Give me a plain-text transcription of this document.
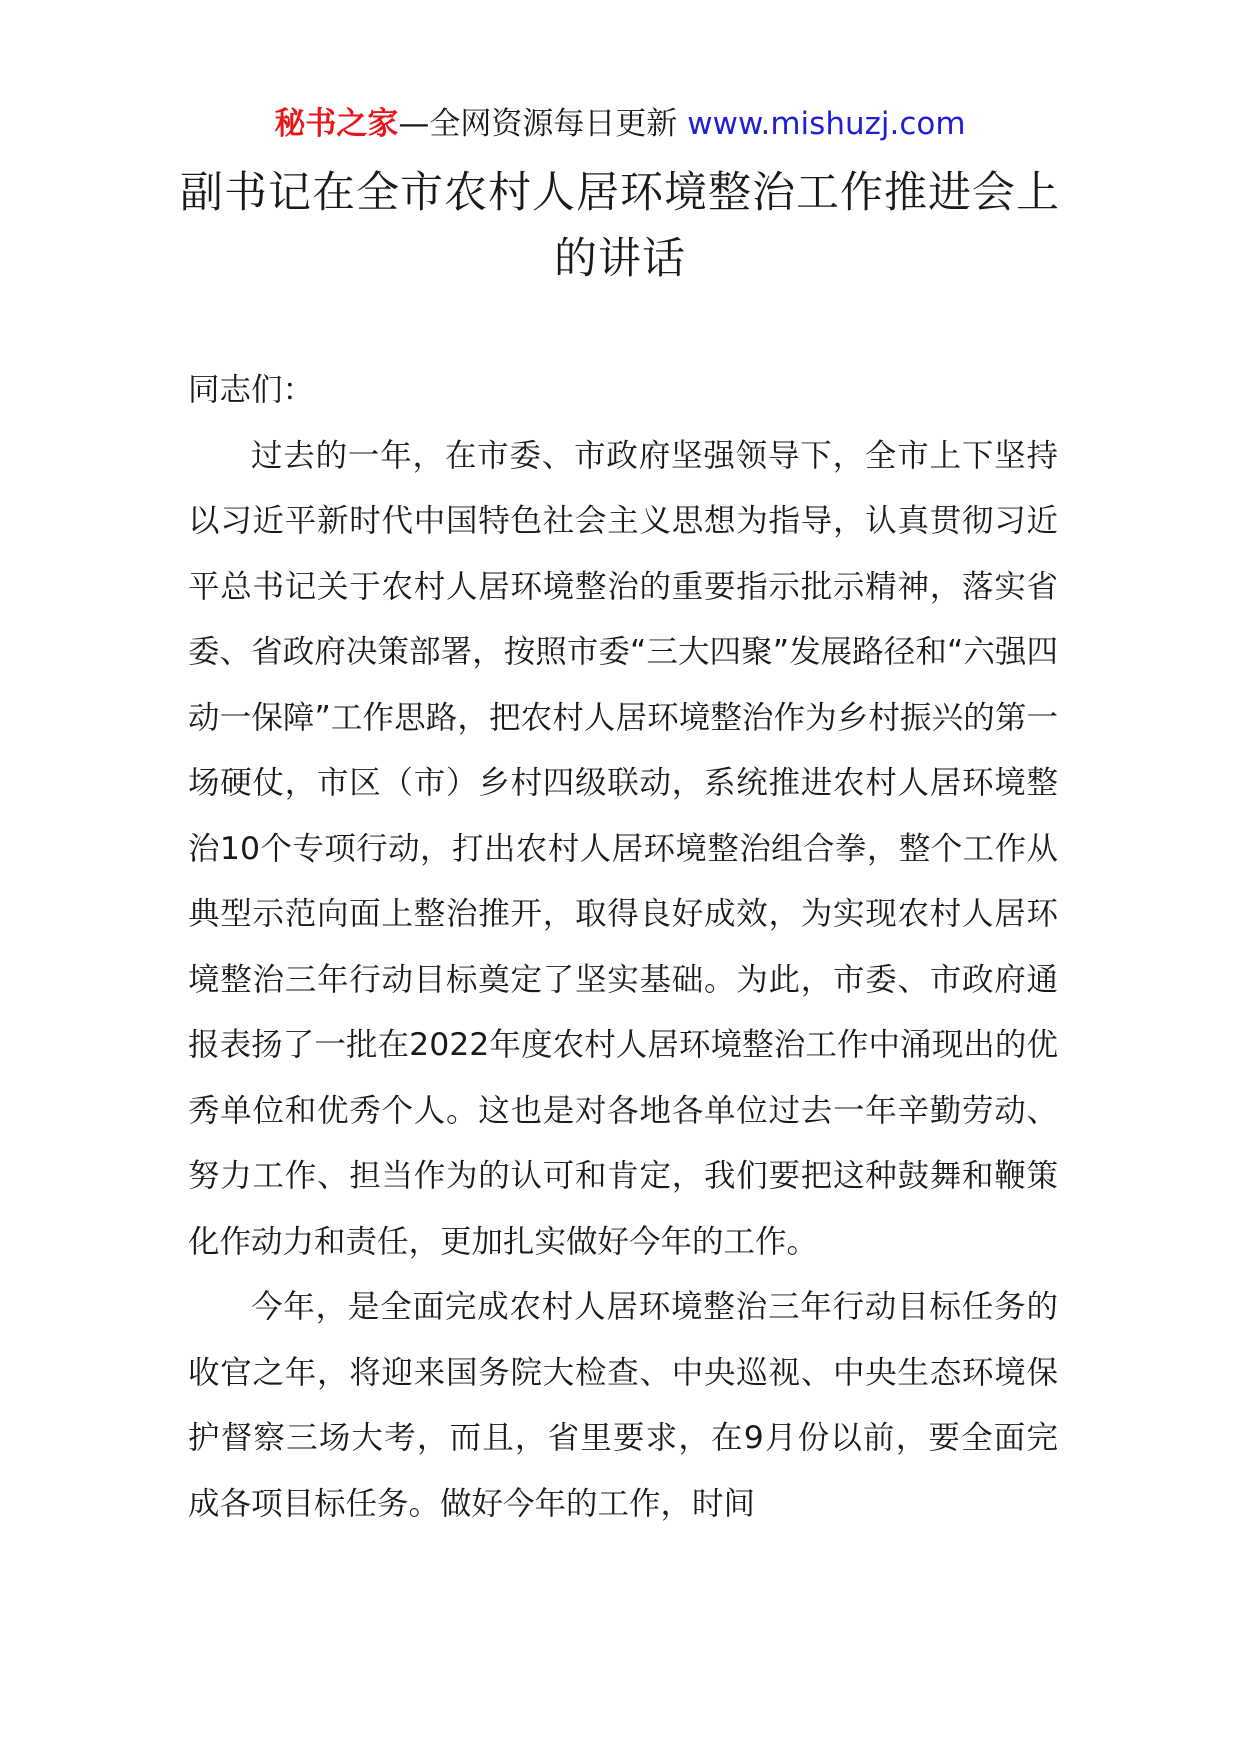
秘书之家—全网资源每日更新 www.mishuzj.com
副书记在全市农村人居环境整治工作推进会上的讲话

同志们：

过去的一年，在市委、市政府坚强领导下，全市上下坚持以习近平新时代中国特色社会主义思想为指导，认真贯彻习近平总书记关于农村人居环境整治的重要指示批示精神，落实省委、省政府决策部署，按照市委“三大四聚”发展路径和“六强四动一保障”工作思路，把农村人居环境整治作为乡村振兴的第一场硬仗，市区（市）乡村四级联动，系统推进农村人居环境整治10个专项行动，打出农村人居环境整治组合拳，整个工作从典型示范向面上整治推开，取得良好成效，为实现农村人居环境整治三年行动目标奠定了坚实基础。为此，市委、市政府通报表扬了一批在2022年度农村人居环境整治工作中涌现出的优秀单位和优秀个人。这也是对各地各单位过去一年辛勤劳动、努力工作、担当作为的认可和肯定，我们要把这种鼓舞和鞭策化作动力和责任，更加扎实做好今年的工作。

今年，是全面完成农村人居环境整治三年行动目标任务的收官之年，将迎来国务院大检查、中央巡视、中央生态环境保护督察三场大考，而且，省里要求，在9月份以前，要全面完成各项目标任务。做好今年的工作，时间
